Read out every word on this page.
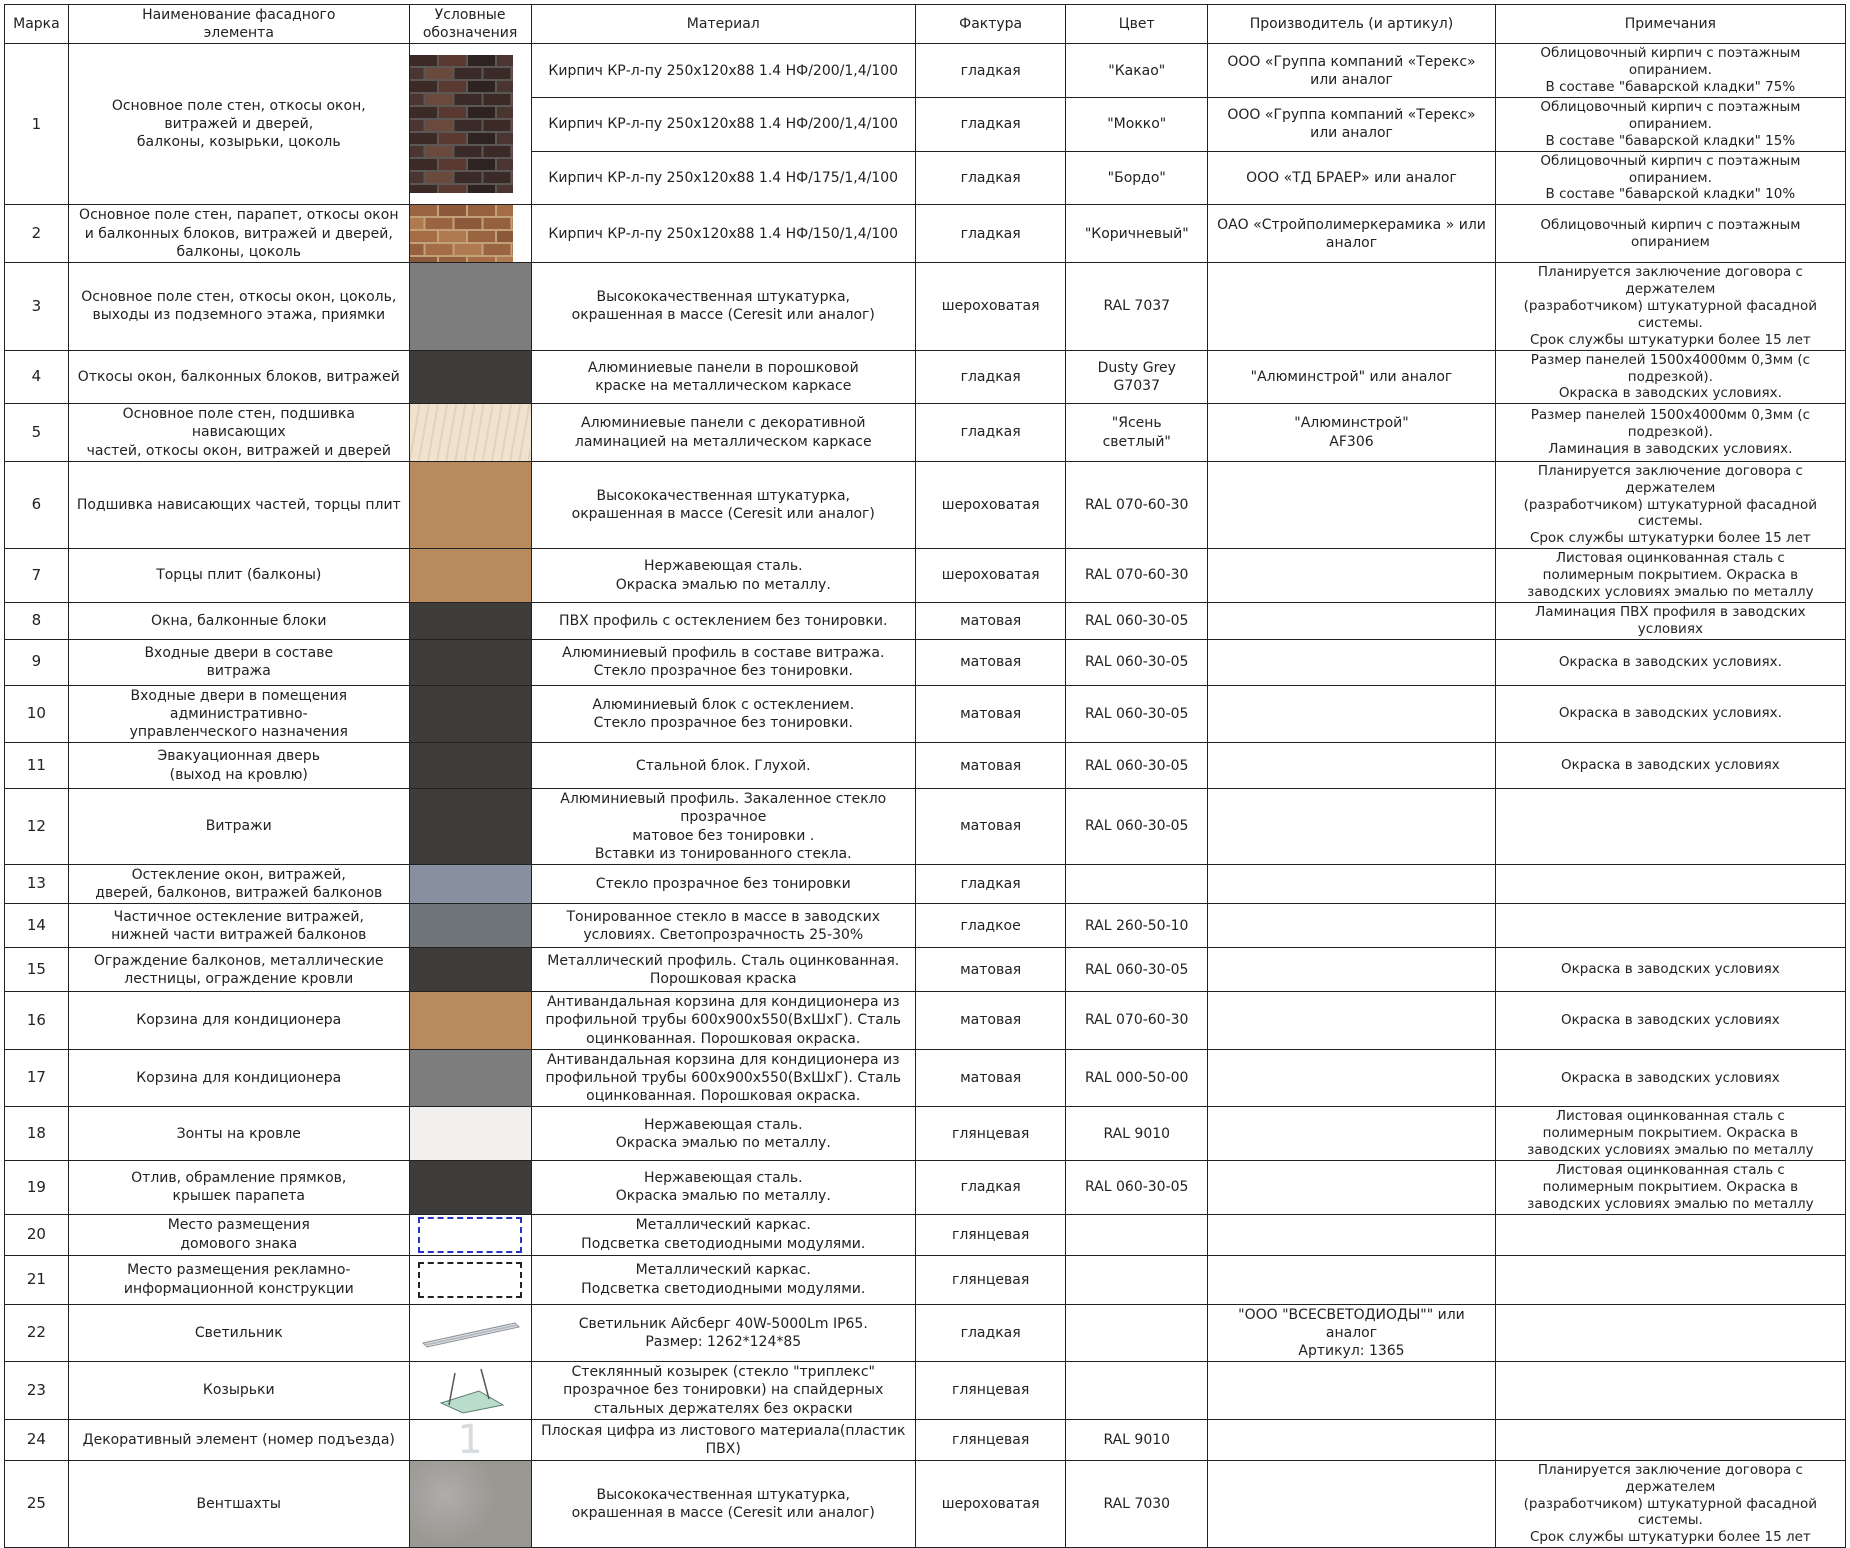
Марка	Наименование фасадного
элемента	Условные
обозначения	Материал	Фактура	Цвет	Производитель (и артикул)	Примечания
1	Основное поле стен, откосы окон, витражей и дверей,
балконы, козырьки, цоколь		Кирпич КР-л-пу 250х120х88 1.4 НФ/200/1,4/100	гладкая	"Какао"	ООО «Группа компаний «Терекс» или аналог	Облицовочный кирпич с поэтажным опиранием.
В составе "баварской кладки" 75%
			Кирпич КР-л-пу 250х120х88 1.4 НФ/200/1,4/100	гладкая	"Мокко"	ООО «Группа компаний «Терекс» или аналог	Облицовочный кирпич с поэтажным опиранием.
В составе "баварской кладки" 15%
			Кирпич КР-л-пу 250х120х88 1.4 НФ/175/1,4/100	гладкая	"Бордо"	ООО «ТД БРАЕР» или аналог	Облицовочный кирпич с поэтажным опиранием.
В составе "баварской кладки" 10%
2	Основное поле стен, парапет, откосы окон
и балконных блоков, витражей и дверей,
балконы, цоколь		Кирпич КР-л-пу 250х120х88 1.4 НФ/150/1,4/100	гладкая	"Коричневый"	ОАО «Стройполимеркерамика » или аналог	Облицовочный кирпич с поэтажным опиранием
3	Основное поле стен, откосы окон, цоколь,
выходы из подземного этажа, приямки		Высококачественная штукатурка,
окрашенная в массе (Ceresit или аналог)	шероховатая	RAL 7037		Планируется заключение договора с держателем
(разработчиком) штукатурной фасадной системы.
Срок службы штукатурки более 15 лет
4	Откосы окон, балконных блоков, витражей		Алюминиевые панели в порошковой
краске на металлическом каркасе	гладкая	Dusty Grey G7037	"Алюминстрой" или аналог	Размер панелей 1500х4000мм 0,3мм (с подрезкой).
Окраска в заводских условиях.
5	Основное поле стен, подшивка нависающих
частей, откосы окон, витражей и дверей		Алюминиевые панели с декоративной
ламинацией на металлическом каркасе	гладкая	"Ясень
светлый"	"Алюминстрой"
AF306	Размер панелей 1500х4000мм 0,3мм (с подрезкой).
Ламинация в заводских условиях.
6	Подшивка нависающих частей, торцы плит		Высококачественная штукатурка,
окрашенная в массе (Ceresit или аналог)	шероховатая	RAL 070-60-30		Планируется заключение договора с держателем
(разработчиком) штукатурной фасадной системы.
Срок службы штукатурки более 15 лет
7	Торцы плит (балконы)		Нержавеющая сталь.
Окраска эмалью по металлу.	шероховатая	RAL 070-60-30		Листовая оцинкованная сталь с
полимерным покрытием. Окраска в
заводских условиях эмалью по металлу
8	Окна, балконные блоки		ПВХ профиль с остеклением без тонировки.	матовая	RAL 060-30-05		Ламинация ПВХ профиля в заводских условиях
9	Входные двери в составе
витража		Алюминиевый профиль в составе витража.
Стекло прозрачное без тонировки.	матовая	RAL 060-30-05		Окраска в заводских условиях.
10	Входные двери в помещения административно-
управленческого назначения		Алюминиевый блок с остеклением.
Стекло прозрачное без тонировки.	матовая	RAL 060-30-05		Окраска в заводских условиях.
11	Эвакуационная дверь
(выход на кровлю)		Стальной блок. Глухой.	матовая	RAL 060-30-05		Окраска в заводских условиях
12	Витражи		Алюминиевый профиль. Закаленное стекло прозрачное
матовое без тонировки .
Вставки из тонированного стекла.	матовая	RAL 060-30-05		
13	Остекление окон, витражей,
дверей, балконов, витражей балконов		Стекло прозрачное без тонировки	гладкая			
14	Частичное остекление витражей,
нижней части витражей балконов		Тонированное стекло в массе в заводских
условиях. Светопрозрачность 25-30%	гладкое	RAL 260-50-10		
15	Ограждение балконов, металлические
лестницы, ограждение кровли		Металлический профиль. Сталь оцинкованная.
Порошковая краска	матовая	RAL 060-30-05		Окраска в заводских условиях
16	Корзина для кондиционера		Антивандальная корзина для кондиционера из
профильной трубы 600х900х550(ВхШхГ). Сталь
оцинкованная. Порошковая окраска.	матовая	RAL 070-60-30		Окраска в заводских условиях
17	Корзина для кондиционера		Антивандальная корзина для кондиционера из
профильной трубы 600х900х550(ВхШхГ). Сталь
оцинкованная. Порошковая окраска.	матовая	RAL 000-50-00		Окраска в заводских условиях
18	Зонты на кровле		Нержавеющая сталь.
Окраска эмалью по металлу.	глянцевая	RAL 9010		Листовая оцинкованная сталь с
полимерным покрытием. Окраска в
заводских условиях эмалью по металлу
19	Отлив, обрамление прямков,
крышек парапета		Нержавеющая сталь.
Окраска эмалью по металлу.	гладкая	RAL 060-30-05		Листовая оцинкованная сталь с
полимерным покрытием. Окраска в
заводских условиях эмалью по металлу
20	Место размещения
домового знака		Металлический каркас.
Подсветка светодиодными модулями.	глянцевая			
21	Место размещения рекламно-
информационной конструкции		Металлический каркас.
Подсветка светодиодными модулями.	глянцевая			
22	Светильник		Светильник Айсберг 40W-5000Lm IP65.
Размер: 1262*124*85	гладкая		"ООО "ВСЕСВЕТОДИОДЫ"" или аналог
Артикул: 1365	
23	Козырьки		Стеклянный козырек (стекло "триплекс"
прозрачное без тонировки) на спайдерных
стальных держателях без окраски	глянцевая			
24	Декоративный элемент (номер подъезда)	1	Плоская цифра из листового материала(пластик ПВХ)	глянцевая	RAL 9010		
25	Вентшахты		Высококачественная штукатурка,
окрашенная в массе (Ceresit или аналог)	шероховатая	RAL 7030		Планируется заключение договора с держателем
(разработчиком) штукатурной фасадной системы.
Срок службы штукатурки более 15 лет
